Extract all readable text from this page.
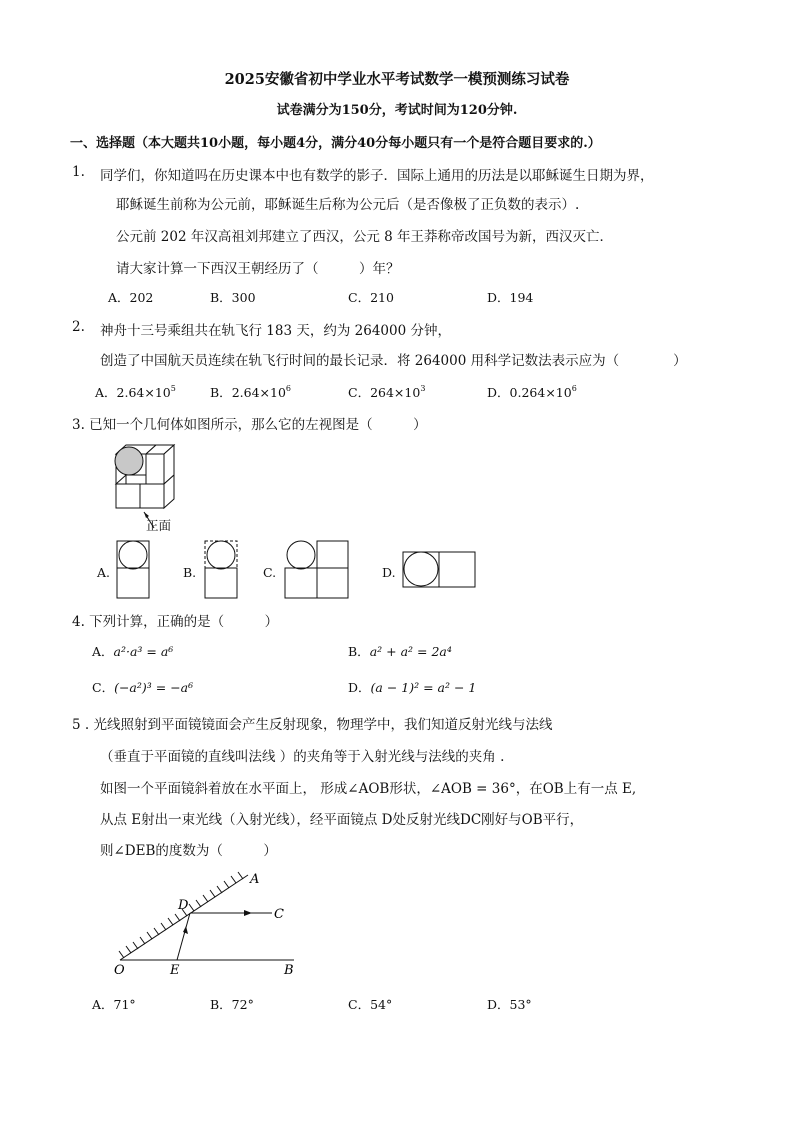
2025安徽省初中学业水平考试数学一模预测练习试卷
试卷满分为150分，考试时间为120分钟.
一、选择题（本大题共10小题，每小题4分，满分40分每小题只有一个是符合题目要求的.）
1. 同学们，你知道吗在历史课本中也有数学的影子．国际上通用的历法是以耶稣诞生日期为界，
耶稣诞生前称为公元前，耶稣诞生后称为公元后（是否像极了正负数的表示）.
公元前 202 年汉高祖刘邦建立了西汉，公元 8 年王莽称帝改国号为新，西汉灭亡．
请大家计算一下西汉王朝经历了（　　　）年？
A．202	B．300	C．210	D．194
2. 神舟十三号乘组共在轨飞行 183 天，约为 264000 分钟，
创造了中国航天员连续在轨飞行时间的最长记录．将 264000 用科学记数法表示应为（　　　　）
A．$2.64\times 10^5$	B．$2.64\times 10^6$	C．$264\times 10^3$	D．$0.264\times 10^6$
3. 已知一个几何体如图所示，那么它的左视图是（　　　）
正面
A.	B.	C.	D.
4. 下列计算，正确的是（　　　）
A．a²·a³ = a⁶	B．a² + a² = 2a⁴
C．(−a²)³ = −a⁶	D．(a − 1)² = a² − 1
5 . 光线照射到平面镜镜面会产生反射现象，物理学中，我们知道反射光线与法线
（垂直于平面镜的直线叫法线 ）的夹角等于入射光线与法线的夹角 .
如图一个平面镜斜着放在水平面上， 形成∠AOB形状，∠AOB = 36°，在OB上有一点 E,
从点 E射出一束光线（入射光线），经平面镜点 D处反射光线DC刚好与OB平行，
则∠DEB的度数为（　　　）
A
D
C
O	E	B
A．71°	B．72°	C．54°	D．53°
